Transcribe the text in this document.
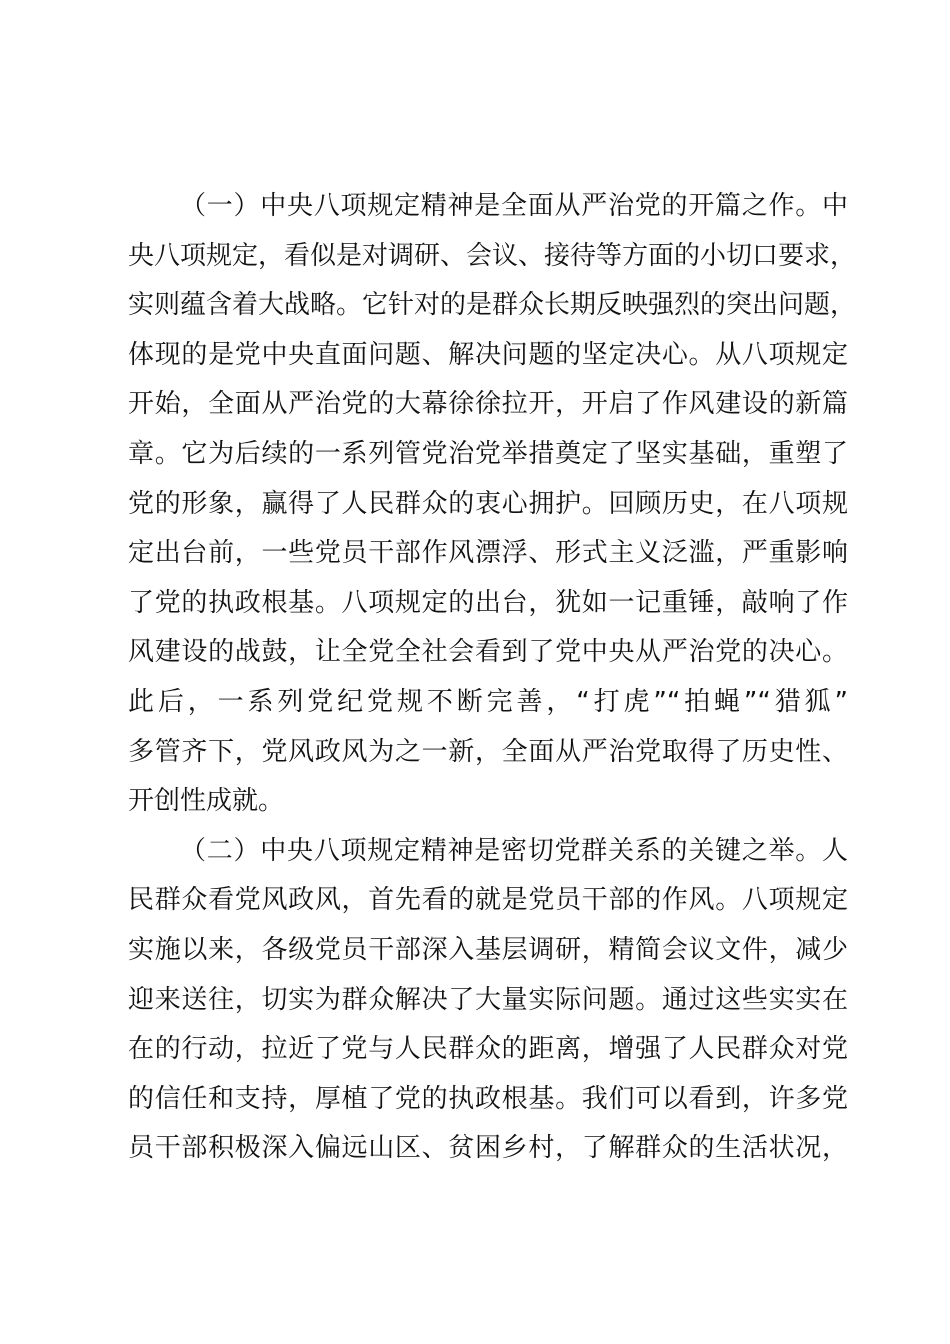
（一）中央八项规定精神是全面从严治党的开篇之作。中
央八项规定，看似是对调研、会议、接待等方面的小切口要求，
实则蕴含着大战略。它针对的是群众长期反映强烈的突出问题，
体现的是党中央直面问题、解决问题的坚定决心。从八项规定
开始，全面从严治党的大幕徐徐拉开，开启了作风建设的新篇
章。它为后续的一系列管党治党举措奠定了坚实基础，重塑了
党的形象，赢得了人民群众的衷心拥护。回顾历史，在八项规
定出台前，一些党员干部作风漂浮、形式主义泛滥，严重影响
了党的执政根基。八项规定的出台，犹如一记重锤，敲响了作
风建设的战鼓，让全党全社会看到了党中央从严治党的决心。
此后，一系列党纪党规不断完善，“打虎”“拍蝇”“猎狐”
多管齐下，党风政风为之一新，全面从严治党取得了历史性、
开创性成就。
（二）中央八项规定精神是密切党群关系的关键之举。人
民群众看党风政风，首先看的就是党员干部的作风。八项规定
实施以来，各级党员干部深入基层调研，精简会议文件，减少
迎来送往，切实为群众解决了大量实际问题。通过这些实实在
在的行动，拉近了党与人民群众的距离，增强了人民群众对党
的信任和支持，厚植了党的执政根基。我们可以看到，许多党
员干部积极深入偏远山区、贫困乡村，了解群众的生活状况，
